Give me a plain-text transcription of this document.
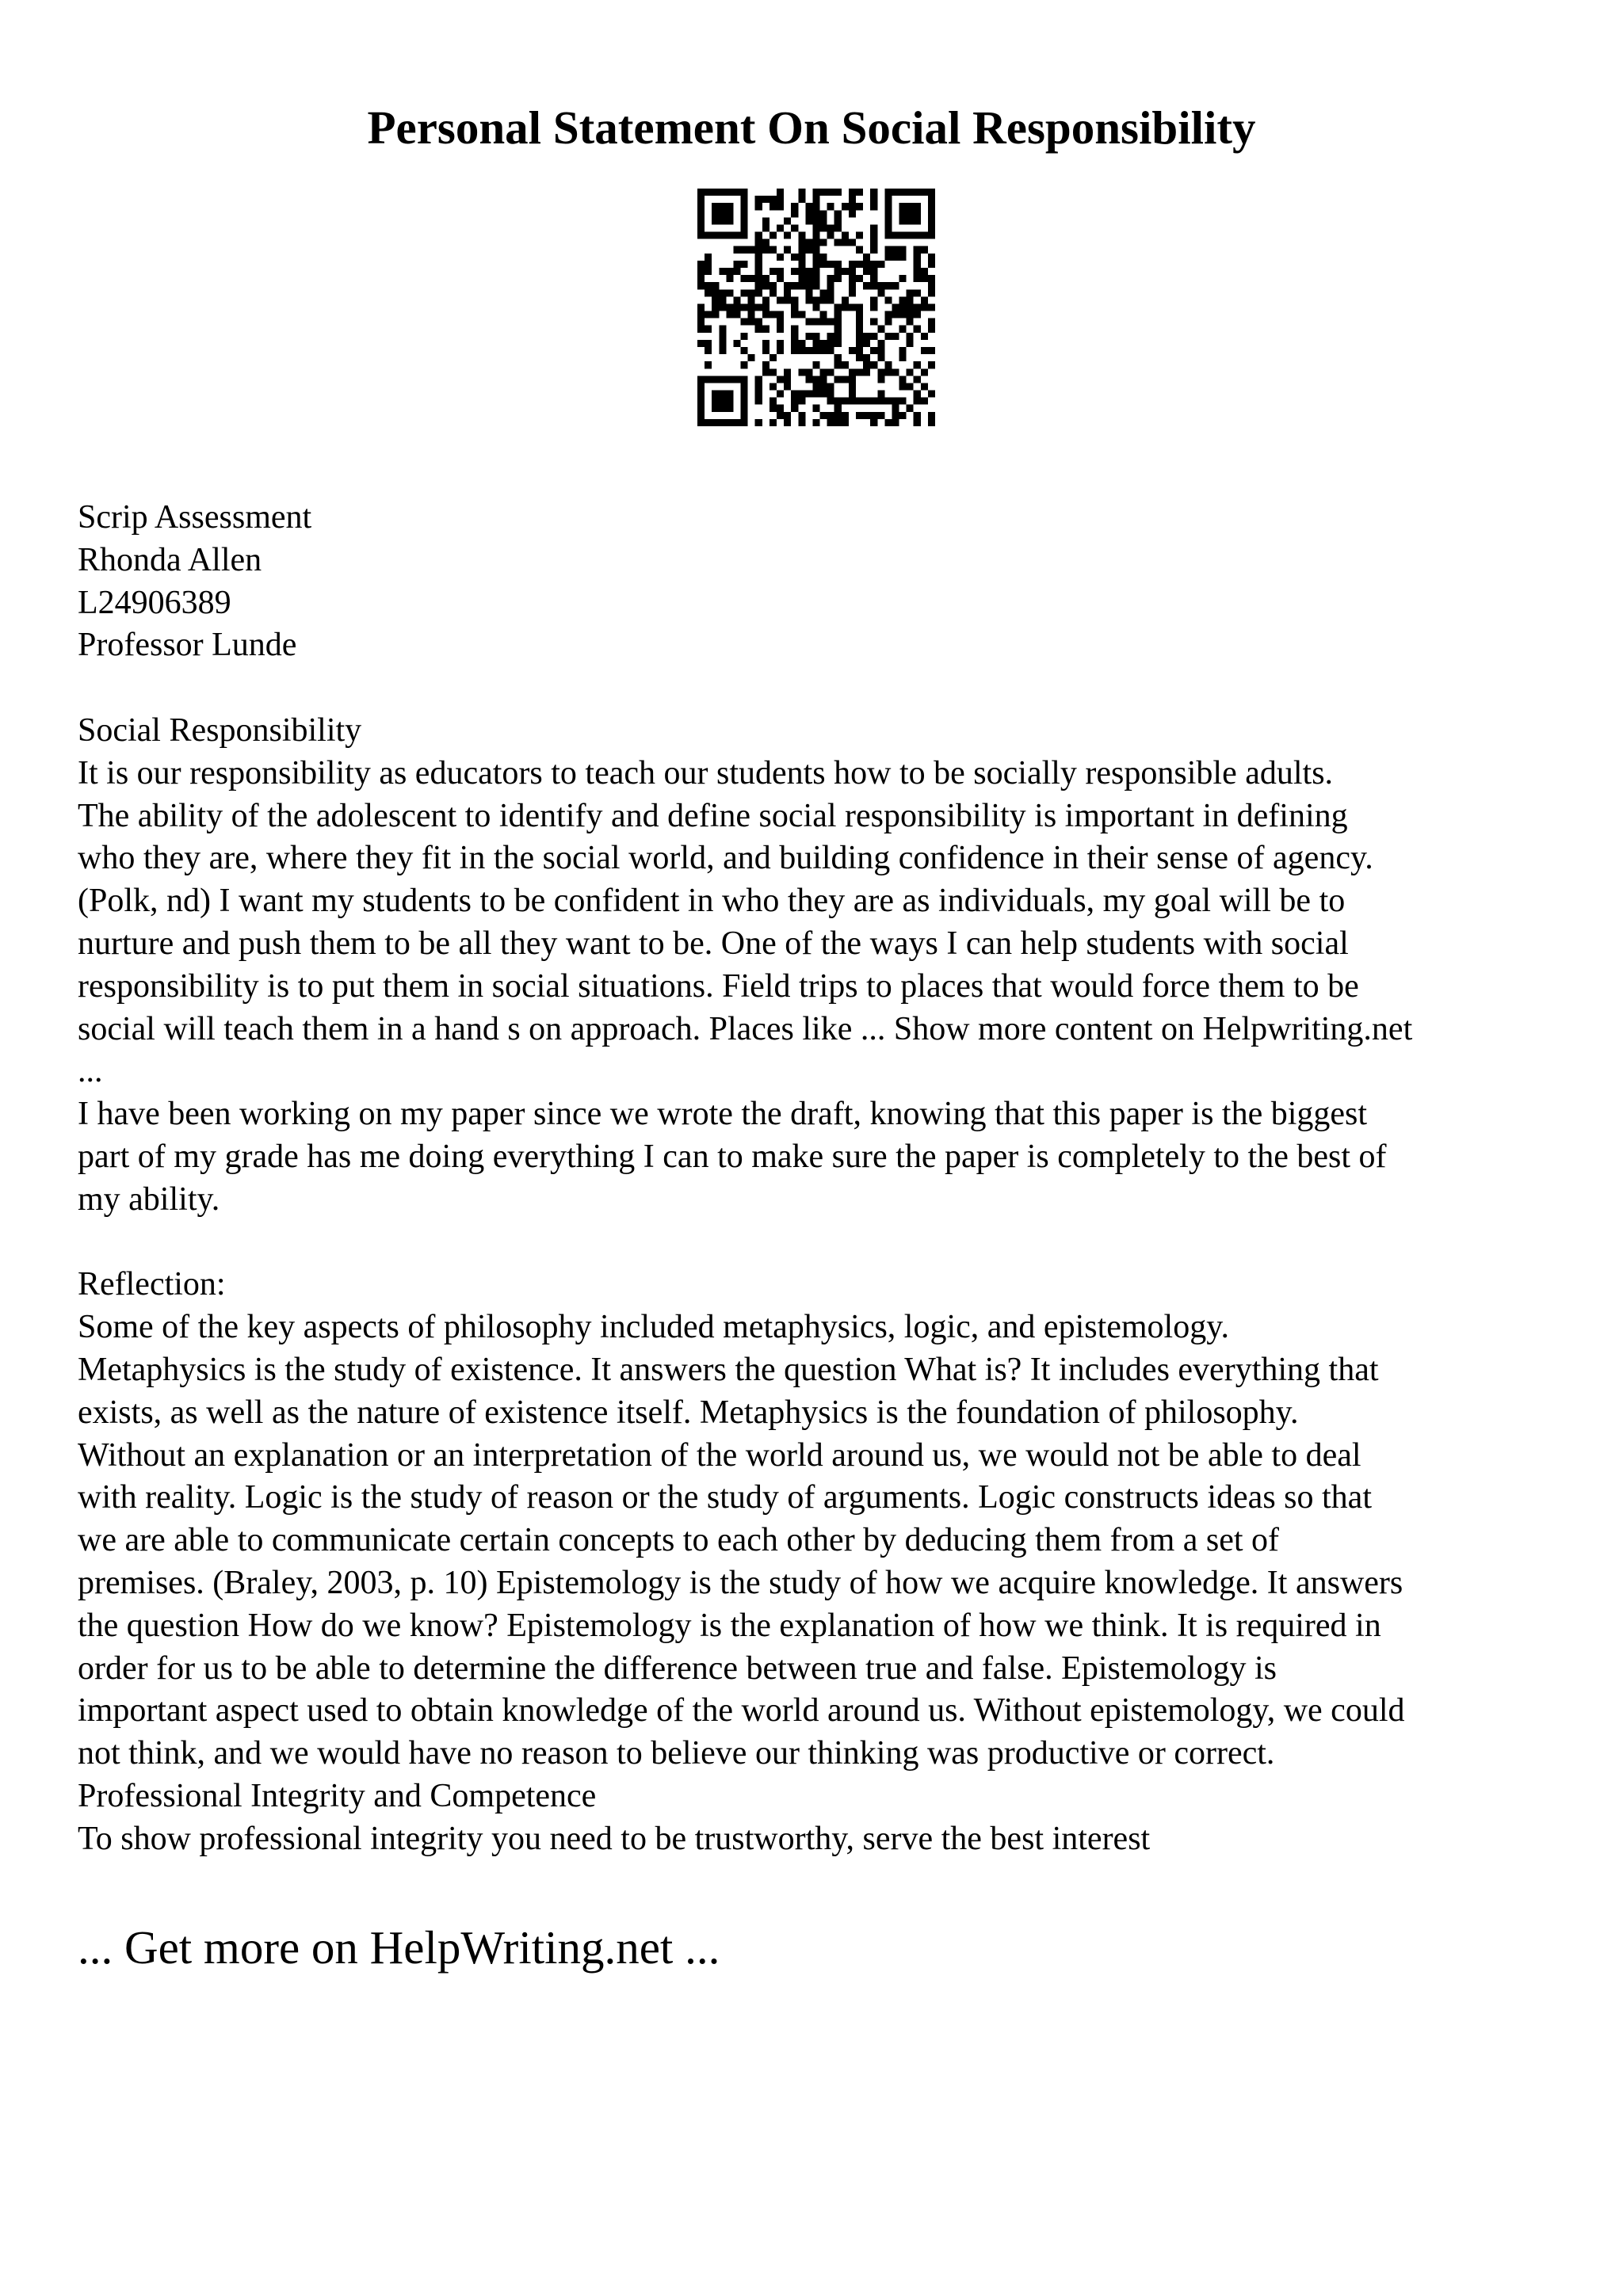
Personal Statement On Social Responsibility
Scrip Assessment
Rhonda Allen
L24906389
Professor Lunde
Social Responsibility
It is our responsibility as educators to teach our students how to be socially responsible adults.
The ability of the adolescent to identify and define social responsibility is important in defining
who they are, where they fit in the social world, and building confidence in their sense of agency.
(Polk, nd) I want my students to be confident in who they are as individuals, my goal will be to
nurture and push them to be all they want to be. One of the ways I can help students with social
responsibility is to put them in social situations. Field trips to places that would force them to be
social will teach them in a hand s on approach. Places like ... Show more content on Helpwriting.net
...
I have been working on my paper since we wrote the draft, knowing that this paper is the biggest
part of my grade has me doing everything I can to make sure the paper is completely to the best of
my ability.
Reflection:
Some of the key aspects of philosophy included metaphysics, logic, and epistemology.
Metaphysics is the study of existence. It answers the question What is? It includes everything that
exists, as well as the nature of existence itself. Metaphysics is the foundation of philosophy.
Without an explanation or an interpretation of the world around us, we would not be able to deal
with reality. Logic is the study of reason or the study of arguments. Logic constructs ideas so that
we are able to communicate certain concepts to each other by deducing them from a set of
premises. (Braley, 2003, p. 10) Epistemology is the study of how we acquire knowledge. It answers
the question How do we know? Epistemology is the explanation of how we think. It is required in
order for us to be able to determine the difference between true and false. Epistemology is
important aspect used to obtain knowledge of the world around us. Without epistemology, we could
not think, and we would have no reason to believe our thinking was productive or correct.
Professional Integrity and Competence
To show professional integrity you need to be trustworthy, serve the best interest
... Get more on HelpWriting.net ...
